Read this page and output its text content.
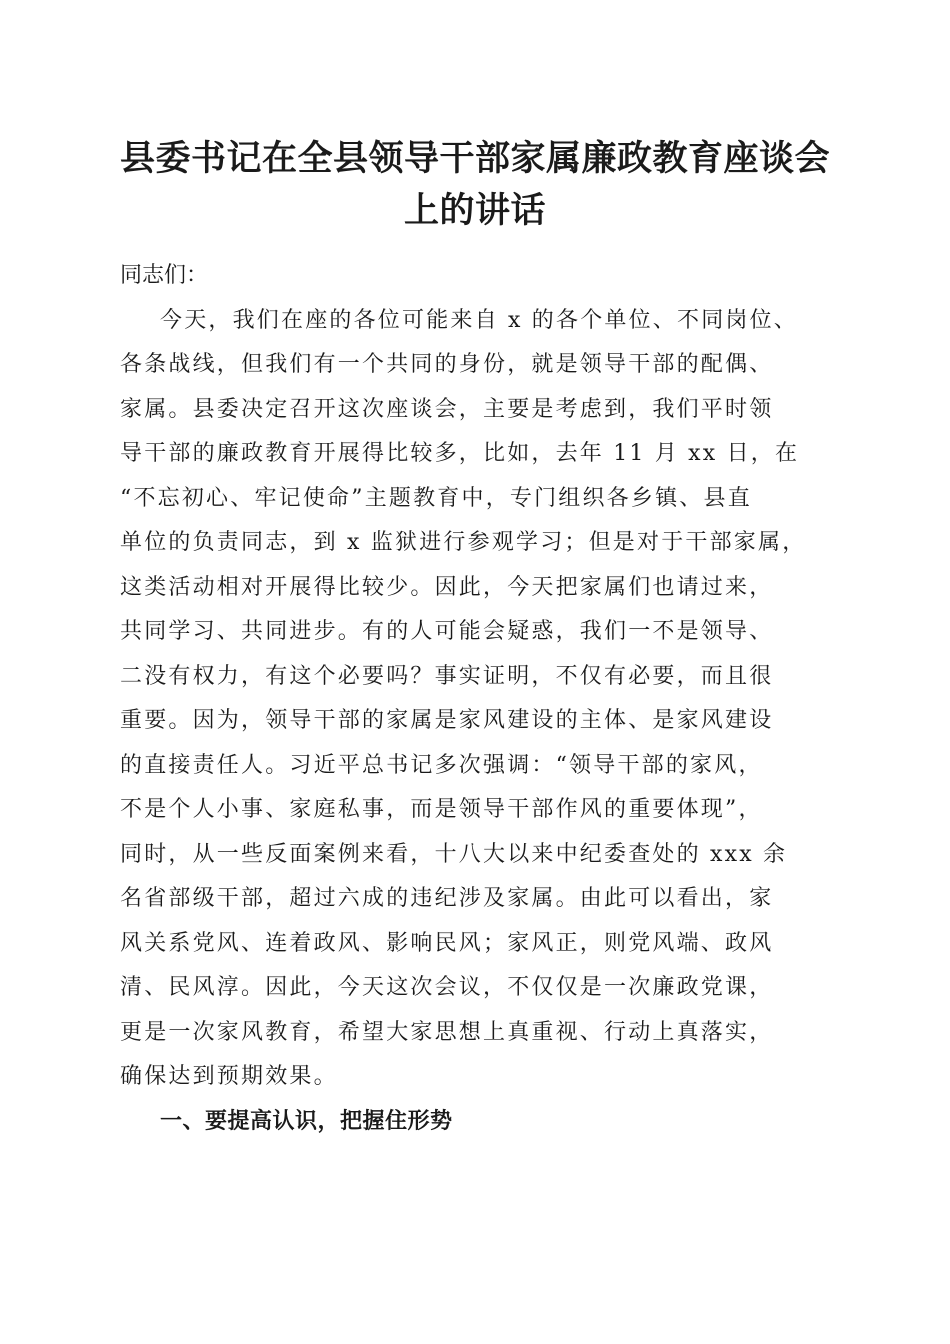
县委书记在全县领导干部家属廉政教育座谈会
上的讲话

同志们：

今天，我们在座的各位可能来自 x 的各个单位、不同岗位、

各条战线，但我们有一个共同的身份，就是领导干部的配偶、

家属。县委决定召开这次座谈会，主要是考虑到，我们平时领

导干部的廉政教育开展得比较多，比如，去年 11 月 xx 日，在

“不忘初心、牢记使命”主题教育中，专门组织各乡镇、县直

单位的负责同志，到 x 监狱进行参观学习；但是对于干部家属，

这类活动相对开展得比较少。因此，今天把家属们也请过来，

共同学习、共同进步。有的人可能会疑惑，我们一不是领导、

二没有权力，有这个必要吗？事实证明，不仅有必要，而且很

重要。因为，领导干部的家属是家风建设的主体、是家风建设

的直接责任人。习近平总书记多次强调：“领导干部的家风，

不是个人小事、家庭私事，而是领导干部作风的重要体现”，

同时，从一些反面案例来看，十八大以来中纪委查处的 xxx 余

名省部级干部，超过六成的违纪涉及家属。由此可以看出，家

风关系党风、连着政风、影响民风；家风正，则党风端、政风

清、民风淳。因此，今天这次会议，不仅仅是一次廉政党课，

更是一次家风教育，希望大家思想上真重视、行动上真落实，

确保达到预期效果。

一、要提高认识，把握住形势
